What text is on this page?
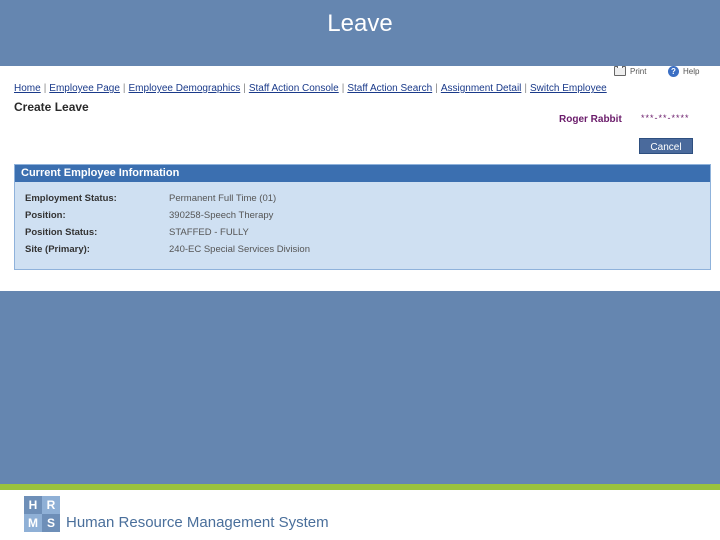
Leave
Print	? Help
Home | Employee Page | Employee Demographics | Staff Action Console | Staff Action Search | Assignment Detail | Switch Employee
Create Leave
Roger Rabbit ***-**-****
Cancel
Current Employee Information
Employment Status:	Permanent Full Time (01)
Position:	390258-Speech Therapy
Position Status:	STAFFED - FULLY
Site (Primary):	240-EC Special Services Division
H R
M S Human Resource Management System
